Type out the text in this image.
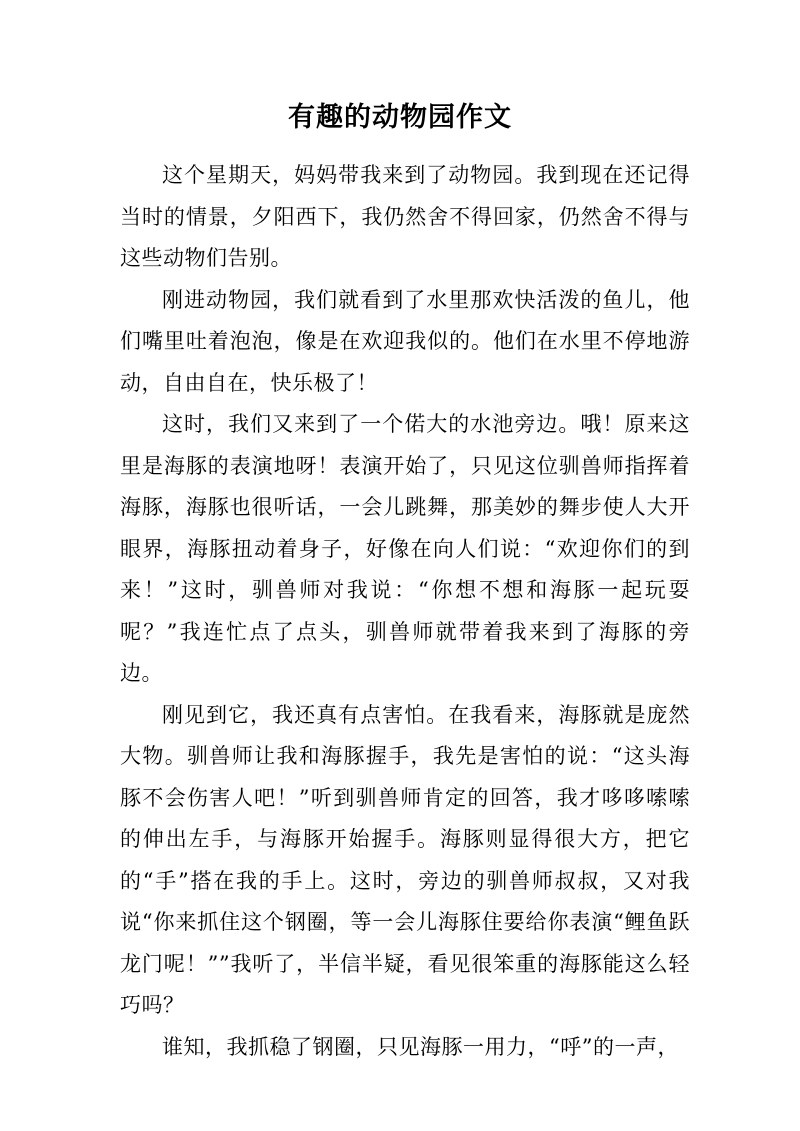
有趣的动物园作文

这个星期天，妈妈带我来到了动物园。我到现在还记得当时的情景，夕阳西下，我仍然舍不得回家，仍然舍不得与这些动物们告别。

刚进动物园，我们就看到了水里那欢快活泼的鱼儿，他们嘴里吐着泡泡，像是在欢迎我似的。他们在水里不停地游动，自由自在，快乐极了！

这时，我们又来到了一个偌大的水池旁边。哦！原来这里是海豚的表演地呀！表演开始了，只见这位驯兽师指挥着海豚，海豚也很听话，一会儿跳舞，那美妙的舞步使人大开眼界，海豚扭动着身子，好像在向人们说：“欢迎你们的到来！”这时，驯兽师对我说：“你想不想和海豚一起玩耍呢？”我连忙点了点头，驯兽师就带着我来到了海豚的旁边。

刚见到它，我还真有点害怕。在我看来，海豚就是庞然大物。驯兽师让我和海豚握手，我先是害怕的说：“这头海豚不会伤害人吧！”听到驯兽师肯定的回答，我才哆哆嗦嗦的伸出左手，与海豚开始握手。海豚则显得很大方，把它的“手”搭在我的手上。这时，旁边的驯兽师叔叔，又对我说“你来抓住这个钢圈，等一会儿海豚住要给你表演“鲤鱼跃龙门呢！””我听了，半信半疑，看见很笨重的海豚能这么轻巧吗？

谁知，我抓稳了钢圈，只见海豚一用力，“呼”的一声，
